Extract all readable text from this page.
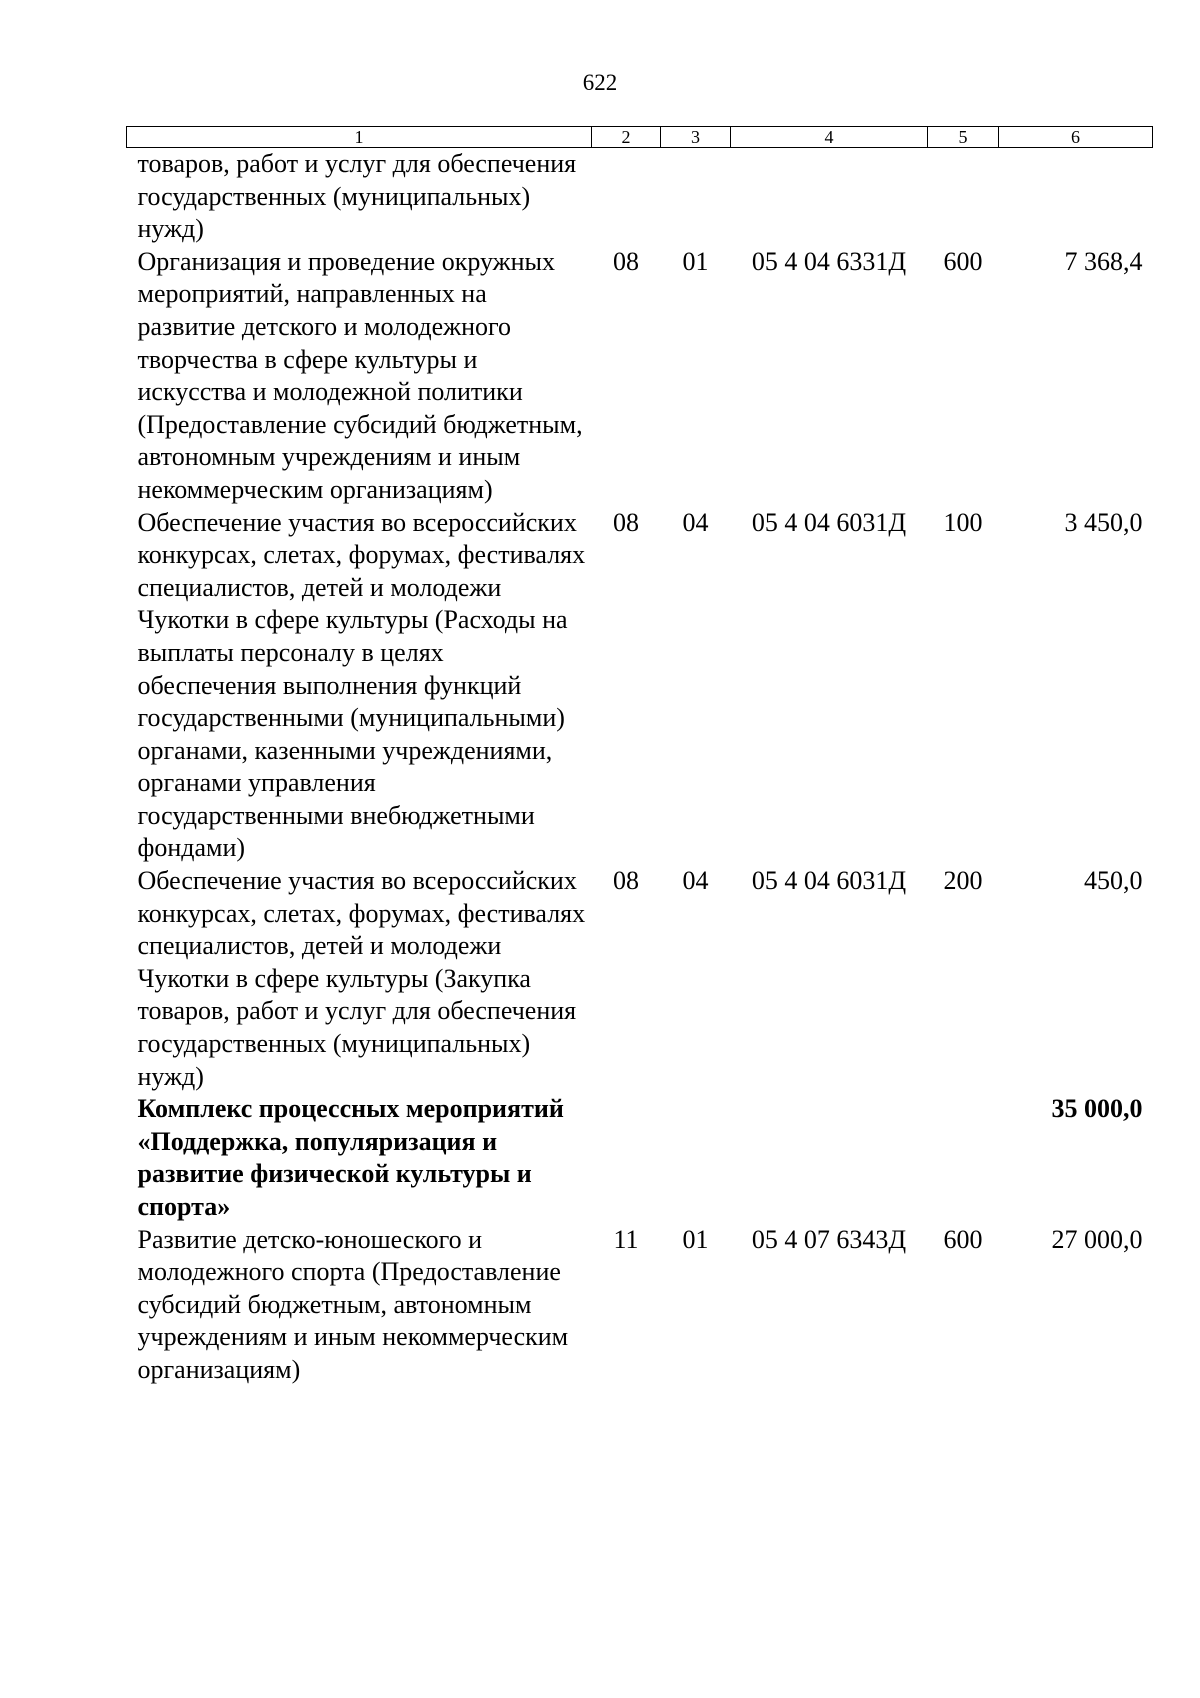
622
1	2	3	4	5	6
товаров, работ и услуг для обеспечения государственных (муниципальных) нужд)					
Организация и проведение окружных мероприятий, направленных на развитие детского и молодежного творчества в сфере культуры и искусства и молодежной политики (Предоставление субсидий бюджетным, автономным учреждениям и иным некоммерческим организациям)	08	01	05 4 04 6331Д	600	7 368,4
Обеспечение участия во всероссийских конкурсах, слетах, форумах, фестивалях специалистов, детей и молодежи Чукотки в сфере культуры (Расходы на выплаты персоналу в целях обеспечения выполнения функций государственными (муниципальными) органами, казенными учреждениями, органами управления государственными внебюджетными фондами)	08	04	05 4 04 6031Д	100	3 450,0
Обеспечение участия во всероссийских конкурсах, слетах, форумах, фестивалях специалистов, детей и молодежи Чукотки в сфере культуры (Закупка товаров, работ и услуг для обеспечения государственных (муниципальных) нужд)	08	04	05 4 04 6031Д	200	450,0
Комплекс процессных мероприятий «Поддержка, популяризация и развитие физической культуры и спорта»					35 000,0
Развитие детско-юношеского и молодежного спорта (Предоставление субсидий бюджетным, автономным учреждениям и иным некоммерческим организациям)	11	01	05 4 07 6343Д	600	27 000,0
